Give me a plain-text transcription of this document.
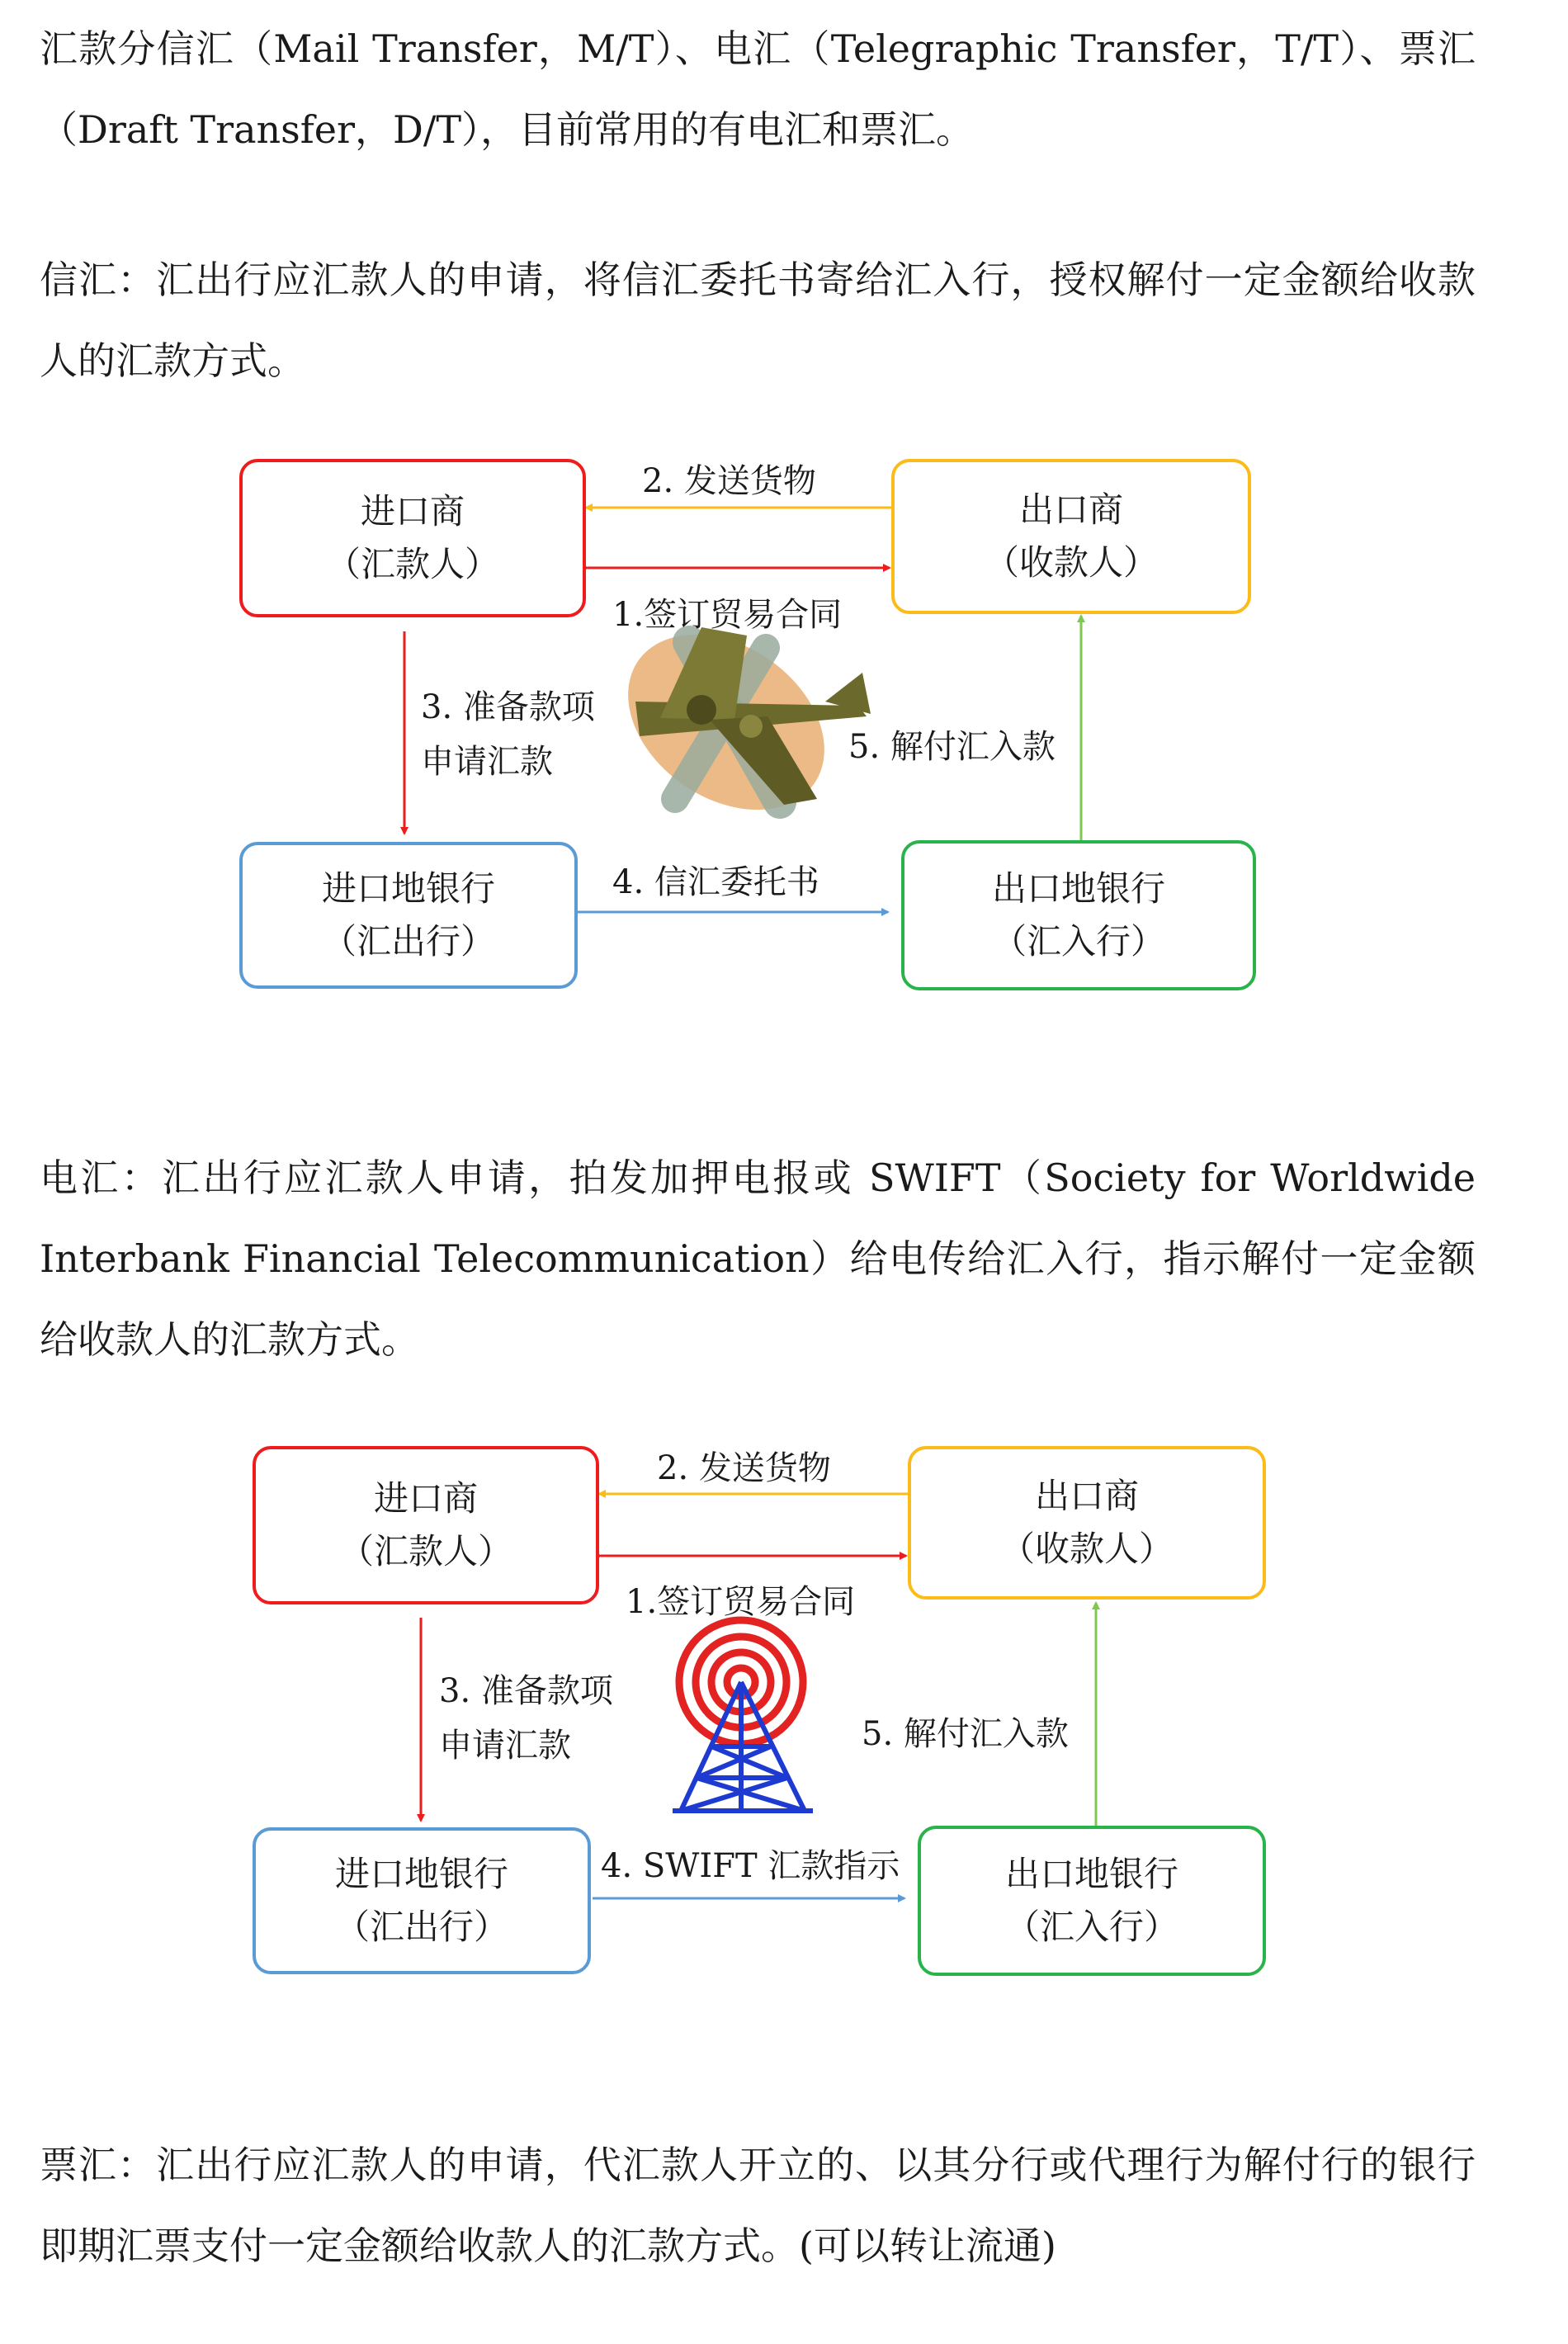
汇款分信汇（Mail Transfer，M/T）、电汇（Telegraphic Transfer，T/T）、票汇（Draft Transfer，D/T），目前常用的有电汇和票汇。

信汇：汇出行应汇款人的申请，将信汇委托书寄给汇入行，授权解付一定金额给收款人的汇款方式。

进口商
（汇款人）
出口商
（收款人）
进口地银行
（汇出行）
出口地银行
（汇入行）
2. 发送货物
1.签订贸易合同
3. 准备款项
申请汇款	5. 解付汇入款
4. 信汇委托书

电汇：汇出行应汇款人申请，拍发加押电报或 SWIFT（Society for Worldwide Interbank Financial Telecommunication）给电传给汇入行，指示解付一定金额给收款人的汇款方式。

进口商
（汇款人）
出口商
（收款人）
进口地银行
（汇出行）
出口地银行
（汇入行）
2. 发送货物
1.签订贸易合同
3. 准备款项
申请汇款	5. 解付汇入款
4. SWIFT 汇款指示

票汇：汇出行应汇款人的申请，代汇款人开立的、以其分行或代理行为解付行的银行即期汇票支付一定金额给收款人的汇款方式。(可以转让流通)
